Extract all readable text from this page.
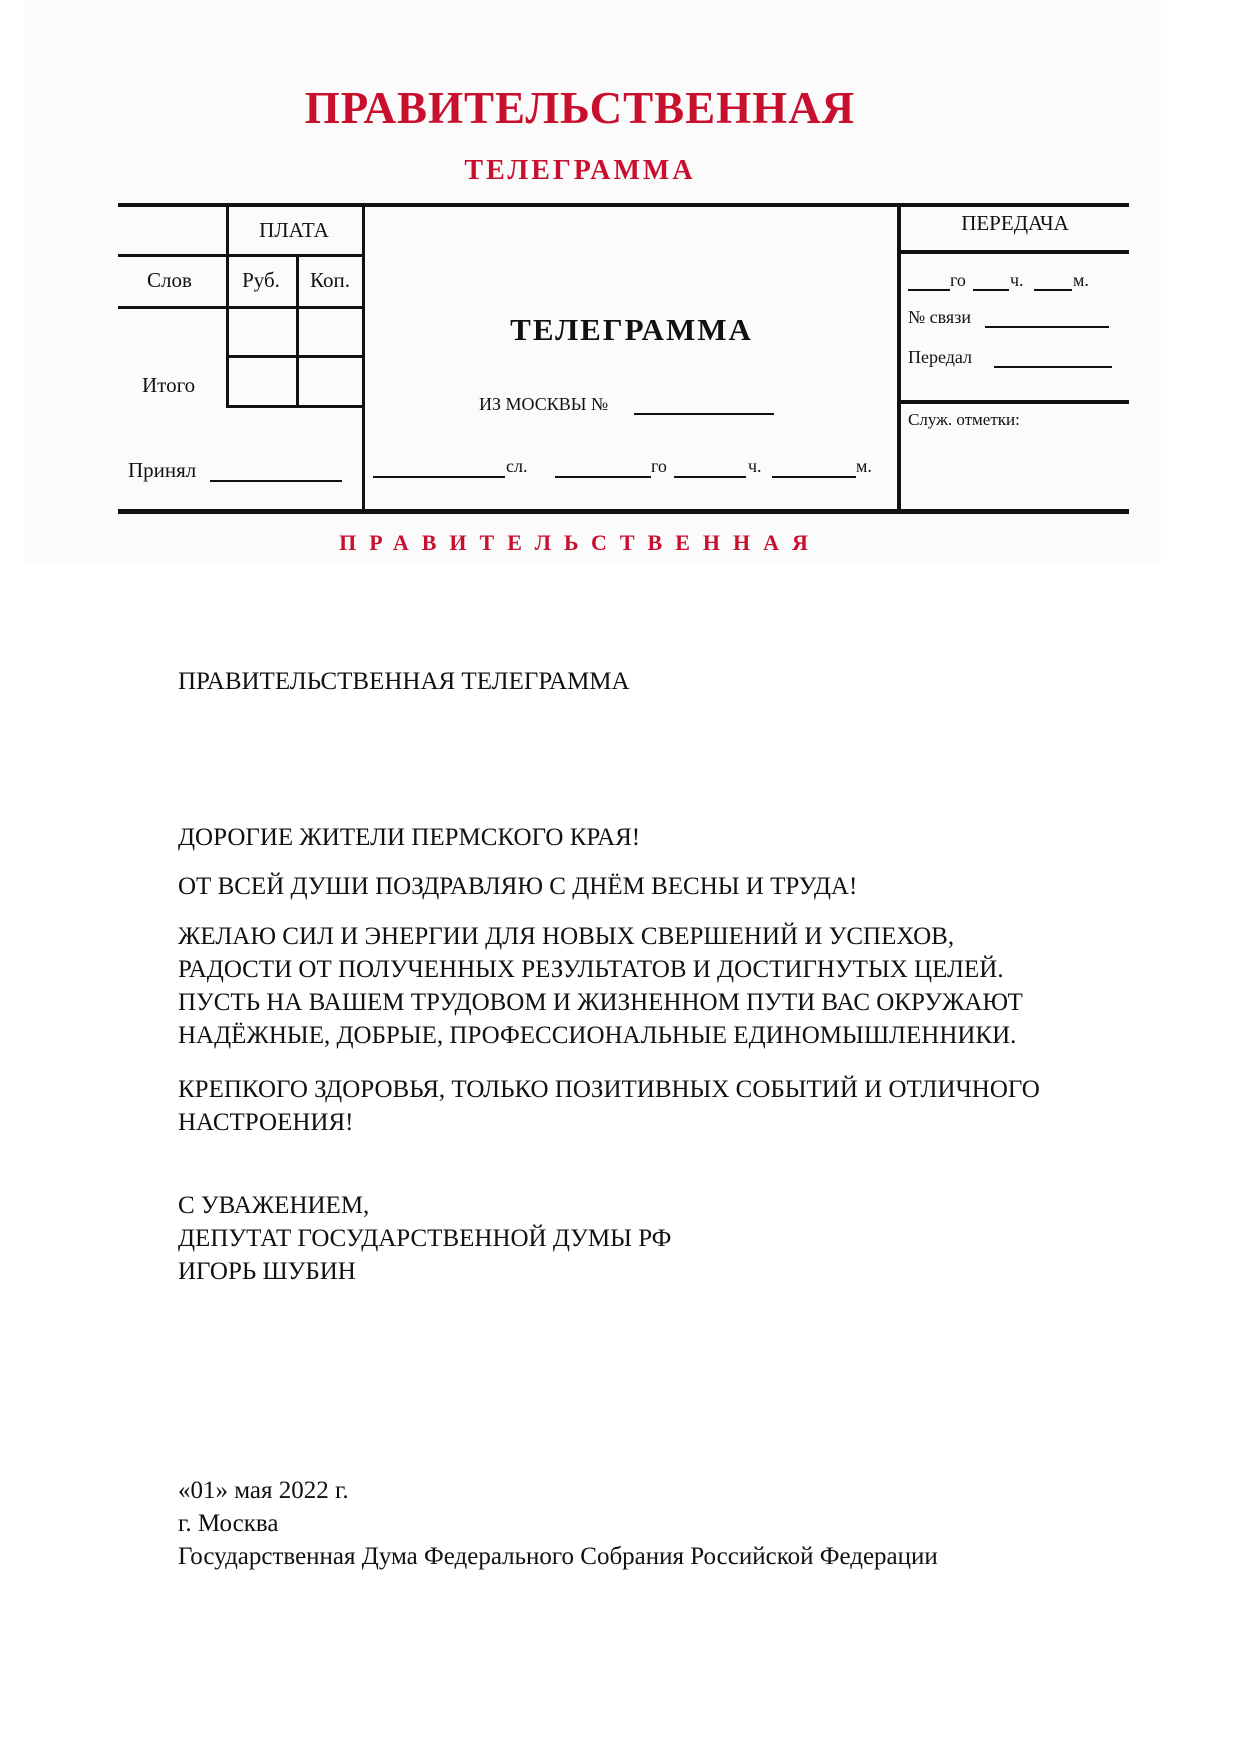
ПРАВИТЕЛЬСТВЕННАЯ
ТЕЛЕГРАММА
ПЛАТА
Слов	Руб.	Коп.
Итого
Принял
ТЕЛЕГРАММА
ИЗ МОСКВЫ №
сл.	го	ч.	м.
ПЕРЕДАЧА
го ч.	м.
№ связи
Передал
Служ. отметки:
ПРАВИТЕЛЬСТВЕННАЯ
ПРАВИТЕЛЬСТВЕННАЯ ТЕЛЕГРАММА
ДОРОГИЕ ЖИТЕЛИ ПЕРМСКОГО КРАЯ!
ОТ ВСЕЙ ДУШИ ПОЗДРАВЛЯЮ С ДНЁМ ВЕСНЫ И ТРУДА!
ЖЕЛАЮ СИЛ И ЭНЕРГИИ ДЛЯ НОВЫХ СВЕРШЕНИЙ И УСПЕХОВ,
РАДОСТИ ОТ ПОЛУЧЕННЫХ РЕЗУЛЬТАТОВ И ДОСТИГНУТЫХ ЦЕЛЕЙ.
ПУСТЬ НА ВАШЕМ ТРУДОВОМ И ЖИЗНЕННОМ ПУТИ ВАС ОКРУЖАЮТ
НАДЁЖНЫЕ, ДОБРЫЕ, ПРОФЕССИОНАЛЬНЫЕ ЕДИНОМЫШЛЕННИКИ.
КРЕПКОГО ЗДОРОВЬЯ, ТОЛЬКО ПОЗИТИВНЫХ СОБЫТИЙ И ОТЛИЧНОГО
НАСТРОЕНИЯ!
С УВАЖЕНИЕМ,
ДЕПУТАТ ГОСУДАРСТВЕННОЙ ДУМЫ РФ
ИГОРЬ ШУБИН
«01» мая 2022 г.
г. Москва
Государственная Дума Федерального Собрания Российской Федерации
